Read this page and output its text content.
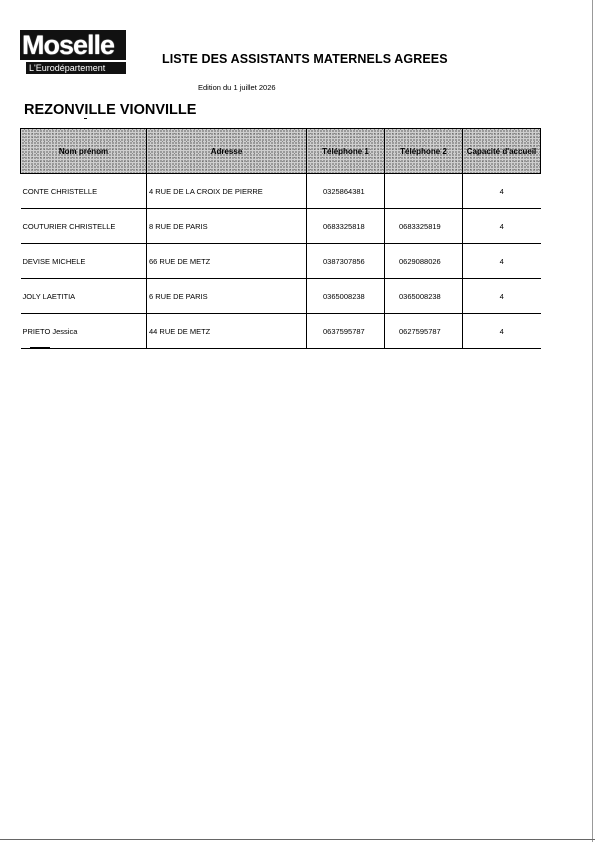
Moselle
L'Eurodépartement
LISTE DES ASSISTANTS MATERNELS AGREES
Edition du 1 juillet 2026
REZONVILLE VIONVILLE
Nom prénom	Adresse	Téléphone 1	Téléphone 2	Capacité d'accueil
CONTE CHRISTELLE	4 RUE DE LA CROIX DE PIERRE	0325864381		4
COUTURIER CHRISTELLE	8 RUE DE PARIS	0683325818	0683325819	4
DEVISE MICHELE	66 RUE DE METZ	0387307856	0629088026	4
JOLY LAETITIA	6 RUE DE PARIS	0365008238	0365008238	4
PRIETO Jessica	44 RUE DE METZ	0637595787	0627595787	4
